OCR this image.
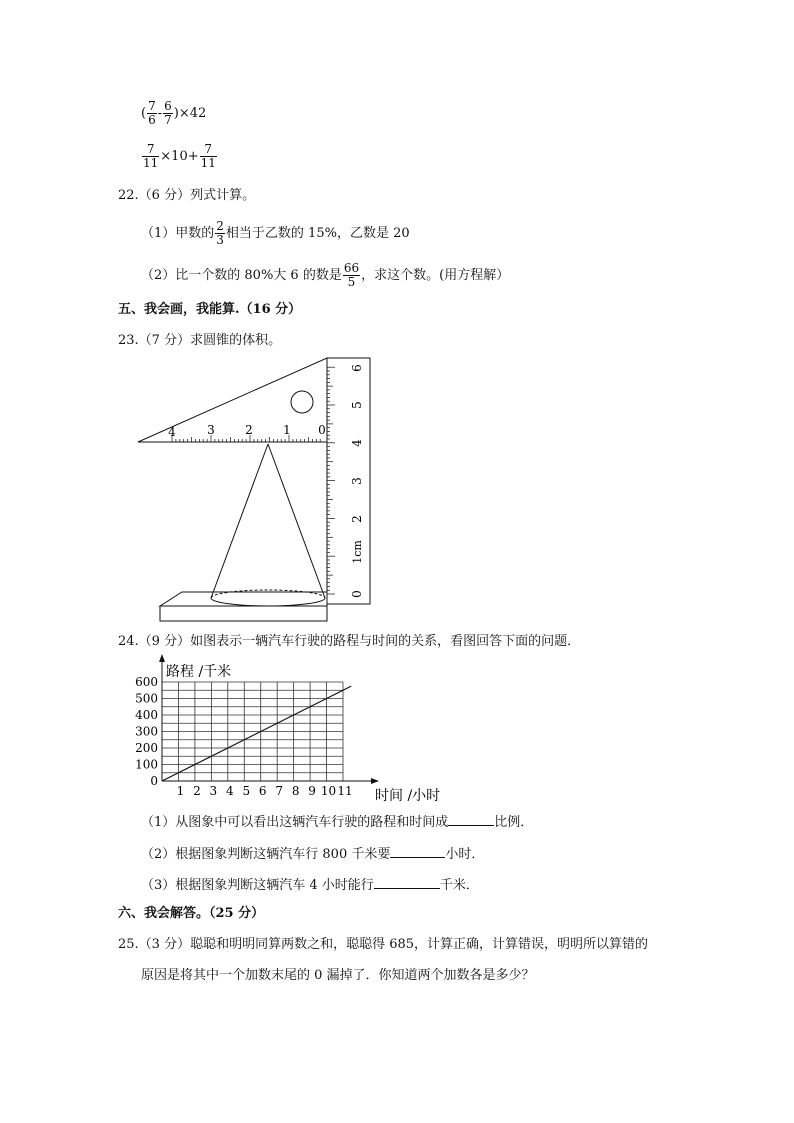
( $\frac{7}{6} - \frac{6}{7} )\times 42$
$\frac{7}{11} \times 10+ \frac{7}{11}$
22.（6 分）列式计算。
（1）甲数的 $\frac{2}{3}$ 相当于乙数的 15%，乙数是 20
（2）比一个数的 80%大 6 的数是 $\frac{66}{5}$ ，求这个数。(用方程解）
五、我会画，我能算.（16 分）
23.（7 分）求圆锥的体积。
4	3	2	1 0
0
1cm
2
3
4
5
6
24.（9 分）如图表示一辆汽车行驶的路程与时间的关系，看图回答下面的问题．
1 2 3 4 5 6 7 8 9 10 11
0
100
200
300
400
500
600
路程 /千米
时间 /小时
（1）从图象中可以看出这辆汽车行驶的路程和时间成	比例．
（2）根据图象判断这辆汽车行 800 千米要	小时．
（3）根据图象判断这辆汽车 4 小时能行	千米．
六、我会解答。（25 分）
25.（3 分）聪聪和明明同算两数之和，聪聪得 685，计算正确，计算错误，明明所以算错的
原因是将其中一个加数末尾的 0 漏掉了．你知道两个加数各是多少？
